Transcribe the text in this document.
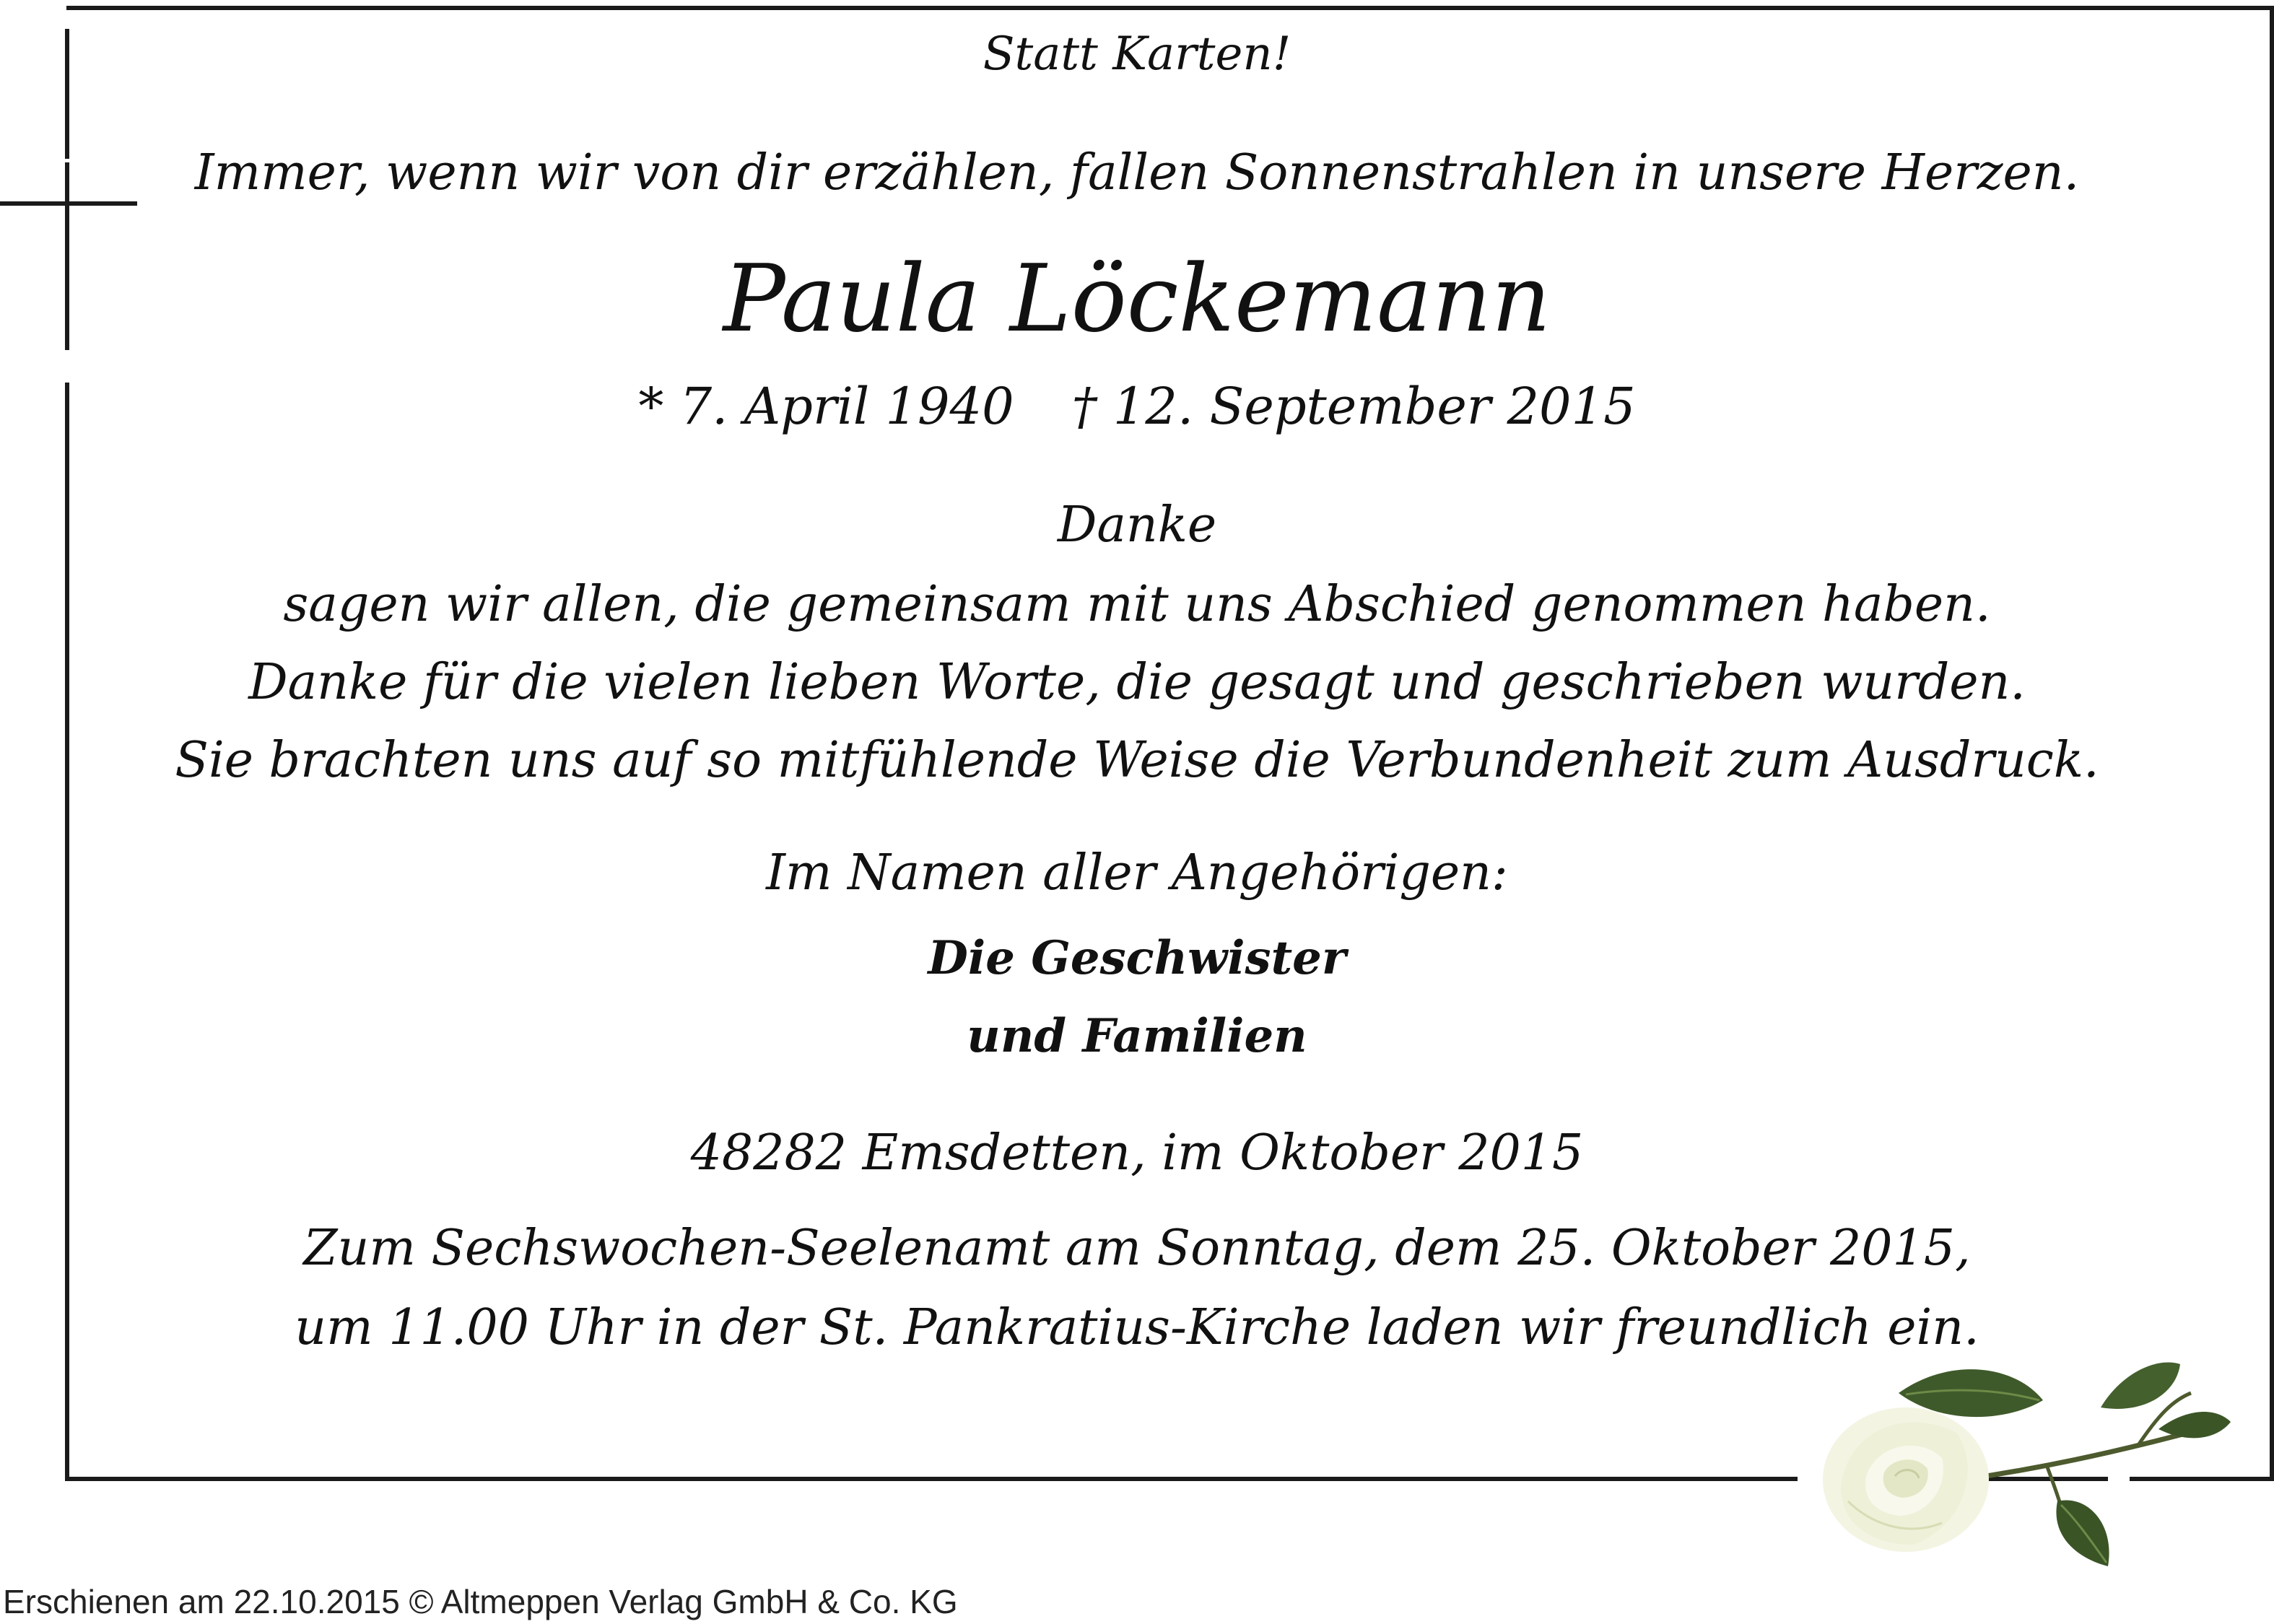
Statt Karten!
Immer, wenn wir von dir erzählen, fallen Sonnenstrahlen in unsere Herzen.
Paula Löckemann
* 7. April 1940 † 12. September 2015
Danke
sagen wir allen, die gemeinsam mit uns Abschied genommen haben.
Danke für die vielen lieben Worte, die gesagt und geschrieben wurden.
Sie brachten uns auf so mitfühlende Weise die Verbundenheit zum Ausdruck.
Im Namen aller Angehörigen:
Die Geschwister
und Familien
48282 Emsdetten, im Oktober 2015
Zum Sechswochen-Seelenamt am Sonntag, dem 25. Oktober 2015,
um 11.00 Uhr in der St. Pankratius-Kirche laden wir freundlich ein.
Erschienen am 22.10.2015 © Altmeppen Verlag GmbH & Co. KG
